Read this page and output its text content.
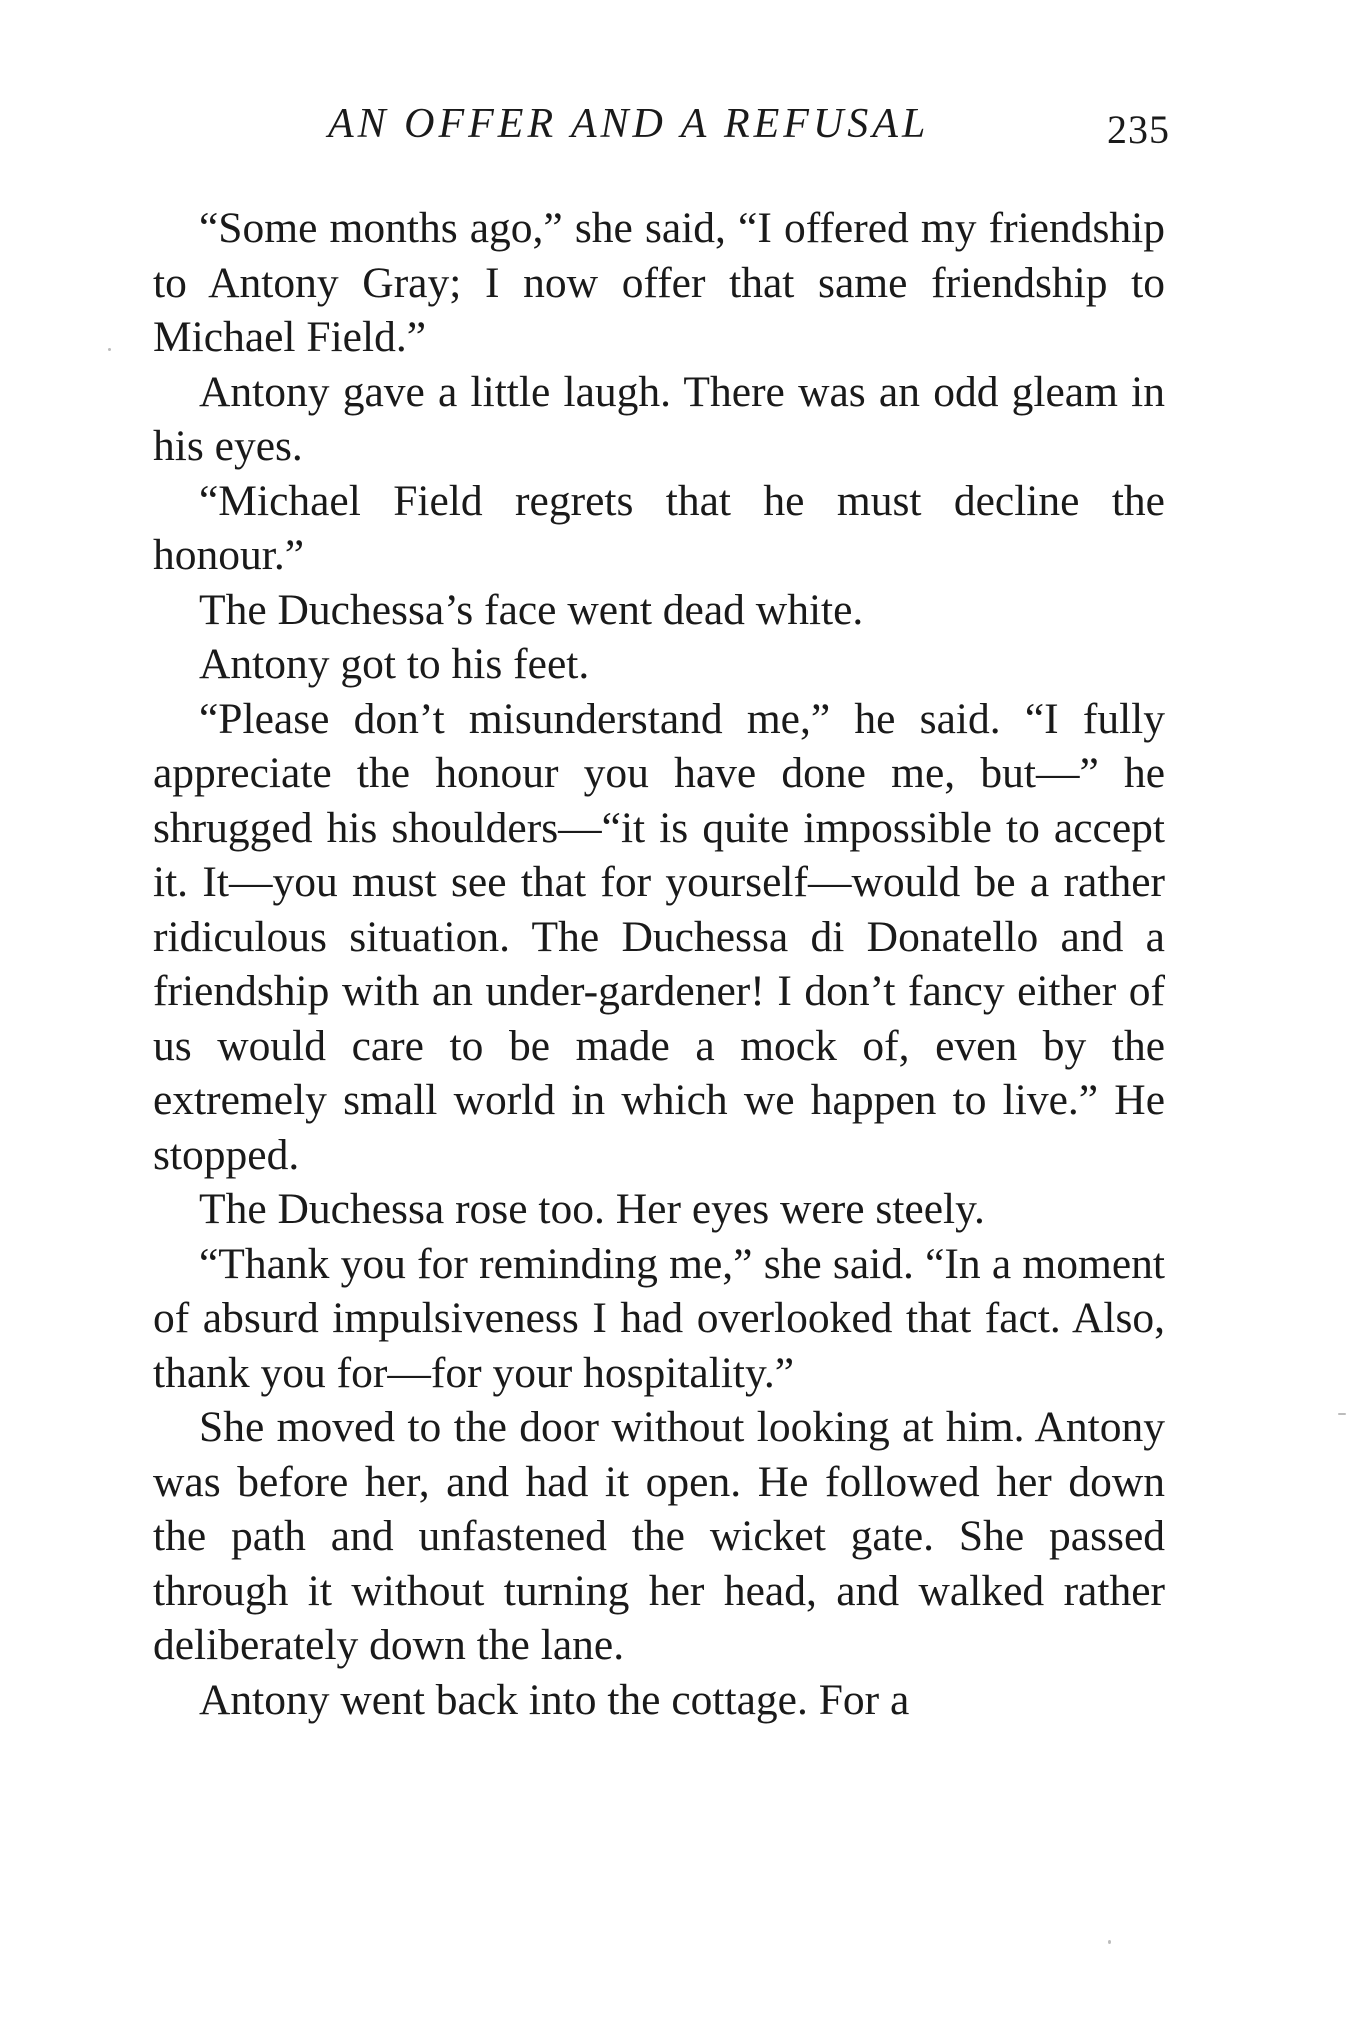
AN OFFER AND A REFUSAL	235

“Some months ago,” she said, “I offered my friendship to Antony Gray; I now offer that same friendship to Michael Field.”

Antony gave a little laugh. There was an odd gleam in his eyes.

“Michael Field regrets that he must decline the honour.”

The Duchessa’s face went dead white.

Antony got to his feet.

“Please don’t misunderstand me,” he said. “I fully appreciate the honour you have done me, but—” he shrugged his shoulders—“it is quite impossible to accept it. It—you must see that for yourself—would be a rather ridiculous situation. The Duchessa di Donatello and a friendship with an under-gardener! I don’t fancy either of us would care to be made a mock of, even by the extremely small world in which we happen to live.” He stopped.

The Duchessa rose too. Her eyes were steely.

“Thank you for reminding me,” she said. “In a moment of absurd impulsiveness I had overlooked that fact. Also, thank you for—for your hospitality.”

She moved to the door without looking at him. Antony was before her, and had it open. He followed her down the path and unfastened the wicket gate. She passed through it without turning her head, and walked rather deliberately down the lane.

Antony went back into the cottage. For a
